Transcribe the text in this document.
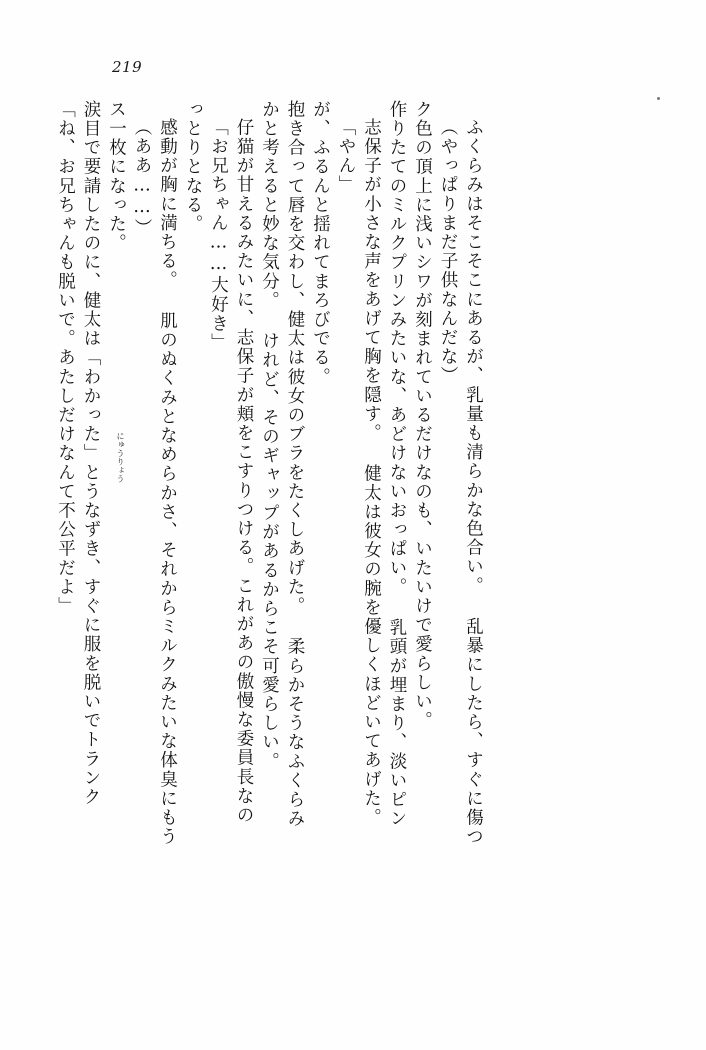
219
「ね、お兄ちゃんも脱いで。あたしだけなんて不公平だよ」 涙目で要請したのに、健太は「わかった」とうなずき、すぐに服を脱いでトランク ス一枚になった。 （ああ……） 感動が胸に満ちる。 肌のぬくみとなめらかさ、それからミルクみたいな体臭にもう っとりとなる。 「お兄ちゃん……大好き」 仔猫が甘えるみたいに、志保子が頬をこすりつける。これがあの傲慢な委員長なの かと考えると妙な気分。 けれど、そのギャップがあるからこそ可愛らしい。 抱き合って唇を交わし、健太は彼女のブラをたくしあげた。 柔らかそうなふくらみ が、ふるんと揺れてまろびでる。 「やん」 志保子が小さな声をあげて胸を隠す。 健太は彼女の腕を優しくほどいてあげた。 作りたてのミルクプリンみたいな、あどけないおっぱい。 乳頭が埋まり、淡いピン ク色の頂上に浅いシワが刻まれているだけなのも、いたいけで愛らしい。 （やっぱりまだ子供なんだな） ふくらみはそこそこにあるが、乳量も清らかな色合い。 乱暴にしたら、すぐに傷つ
にゅうりょう
